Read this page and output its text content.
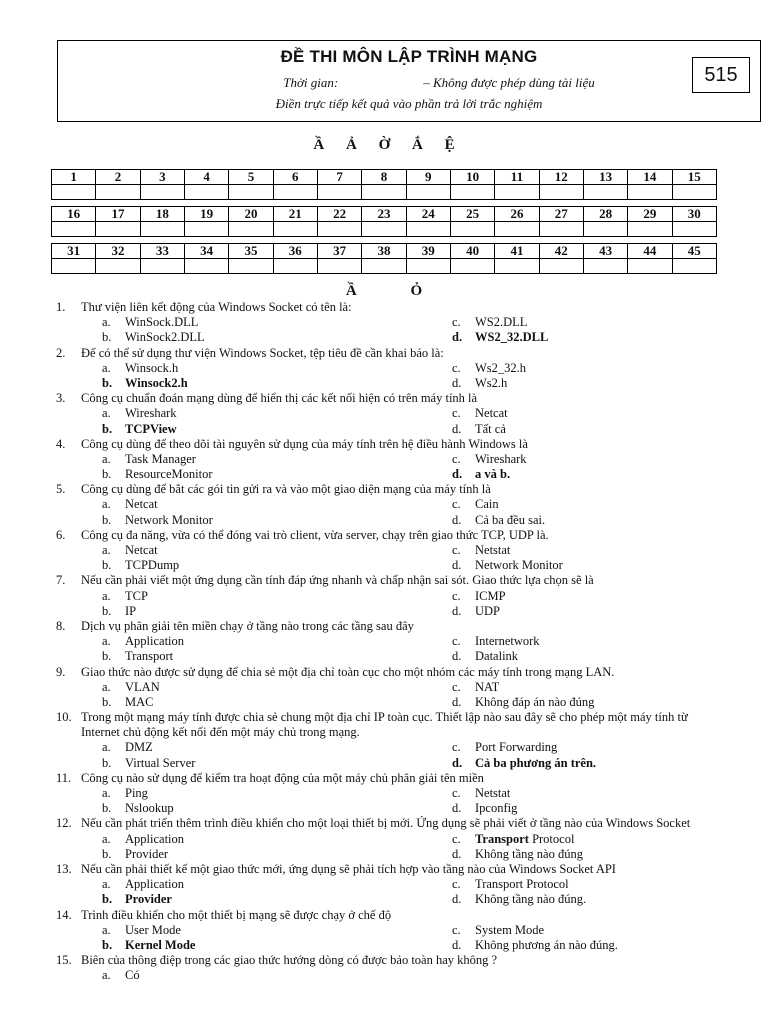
ĐỀ THI MÔN LẬP TRÌNH MẠNG
Thời gian:	– Không được phép dùng tài liệu
Điền trực tiếp kết quả vào phần trả lời trắc nghiệm
515
Ầ Ả Ờ Ắ Ệ
1	2	3	4	5	6	7	8	9	10	11	12	13	14	15

16	17	18	19	20	21	22	23	24	25	26	27	28	29	30

31	32	33	34	35	36	37	38	39	40	41	42	43	44	45

Ầ Ỏ
1. Thư viện liên kết động của Windows Socket có tên là:
a. WinSock.DLL	c. WS2.DLL
b. WinSock2.DLL	d. WS2_32.DLL
2. Để có thể sử dụng thư viện Windows Socket, tệp tiêu đề cần khai báo là:
a. Winsock.h	c. Ws2_32.h
b. Winsock2.h	d. Ws2.h
3. Công cụ chuẩn đoán mạng dùng để hiển thị các kết nối hiện có trên máy tính là
a. Wireshark	c. Netcat
b. TCPView	d. Tất cả
4. Công cụ dùng để theo dõi tài nguyên sử dụng của máy tính trên hệ điều hành Windows là
a. Task Manager	c. Wireshark
b. ResourceMonitor	d. a và b.
5. Công cụ dùng để bắt các gói tin gửi ra và vào một giao diện mạng của máy tính là
a. Netcat	c. Cain
b. Network Monitor	d. Cả ba đều sai.
6. Công cụ đa năng, vừa có thể đóng vai trò client, vừa server, chạy trên giao thức TCP, UDP là.
a. Netcat	c. Netstat
b. TCPDump	d. Network Monitor
7. Nếu cần phải viết một ứng dụng cần tính đáp ứng nhanh và chấp nhận sai sót. Giao thức lựa chọn sẽ là
a. TCP	c. ICMP
b. IP	d. UDP
8. Dịch vụ phân giải tên miền chạy ở tầng nào trong các tầng sau đây
a. Application	c. Internetwork
b. Transport	d. Datalink
9. Giao thức nào được sử dụng để chia sẻ một địa chỉ toàn cục cho một nhóm các máy tính trong mạng LAN.
a. VLAN	c. NAT
b. MAC	d. Không đáp án nào đúng
10. Trong một mạng máy tính được chia sẻ chung một địa chỉ IP toàn cục. Thiết lập nào sau đây sẽ cho phép một máy tính từ
Internet chủ động kết nối đến một máy chủ trong mạng.
a. DMZ	c. Port Forwarding
b. Virtual Server	d. Cả ba phương án trên.
11. Công cụ nào sử dụng để kiểm tra hoạt động của một máy chủ phân giải tên miền
a. Ping	c. Netstat
b. Nslookup	d. Ipconfig
12. Nếu cần phát triển thêm trình điều khiển cho một loại thiết bị mới. Ứng dụng sẽ phải viết ở tầng nào của Windows Socket
a. Application	c. Transport Protocol
b. Provider	d. Không tầng nào đúng
13. Nếu cần phải thiết kế một giao thức mới, ứng dụng sẽ phải tích hợp vào tầng nào của Windows Socket API
a. Application	c. Transport Protocol
b. Provider	d. Không tầng nào đúng.
14. Trình điều khiển cho một thiết bị mạng sẽ được chạy ở chế độ
a. User Mode	c. System Mode
b. Kernel Mode	d. Không phương án nào đúng.
15. Biên của thông điệp trong các giao thức hướng dòng có được bảo toàn hay không ?
a. Có
